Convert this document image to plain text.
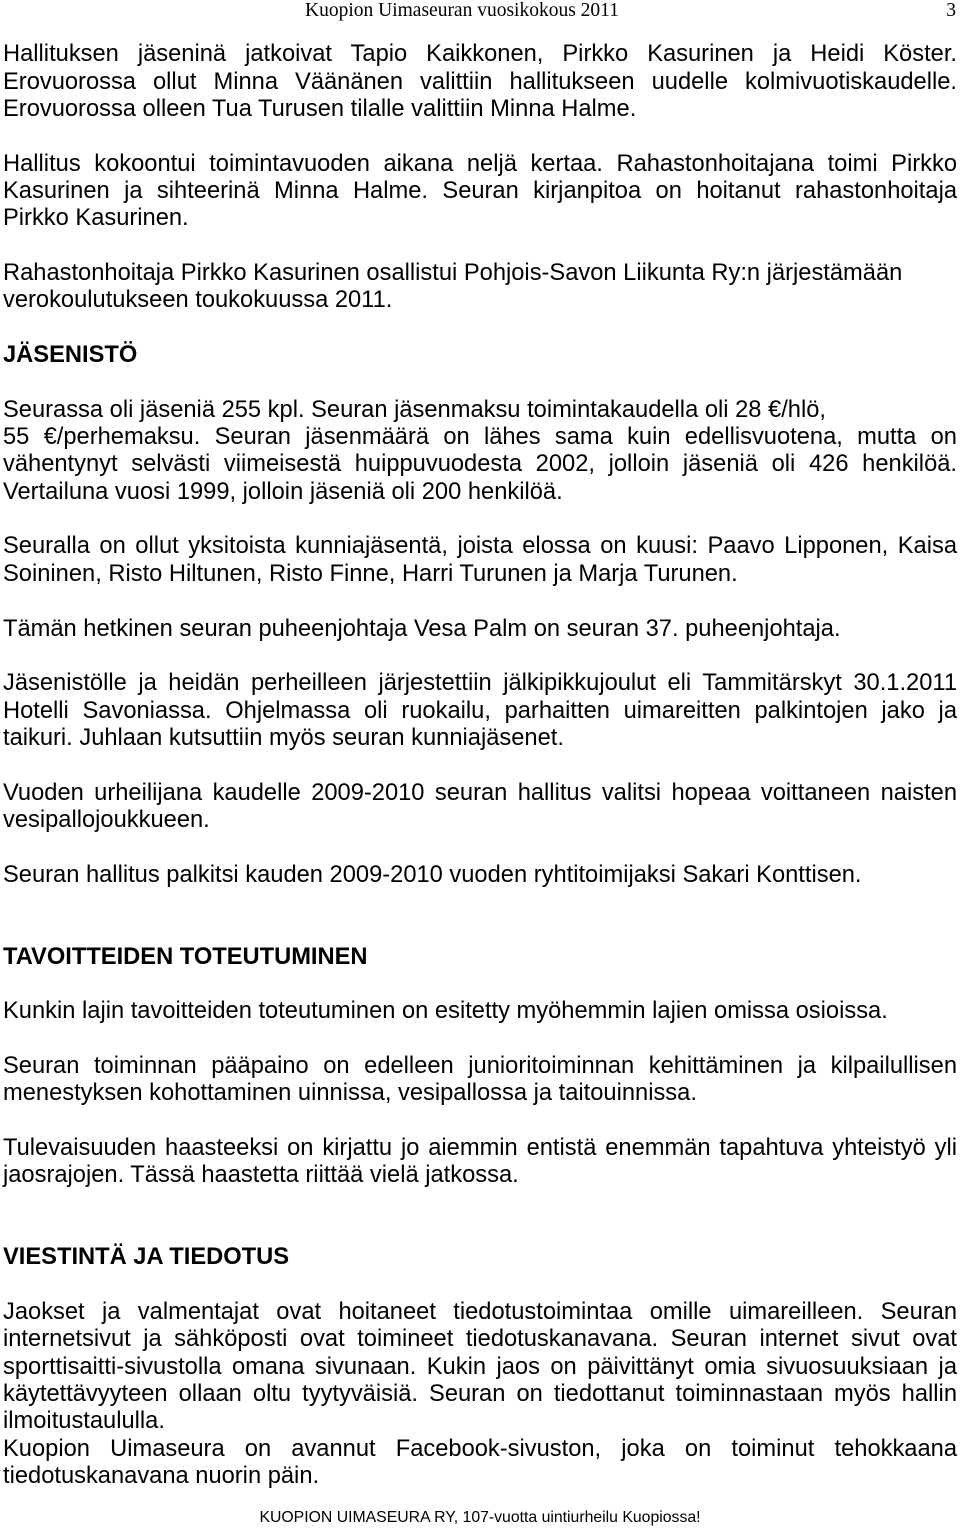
Kuopion Uimaseuran vuosikokous 2011	3
Hallituksen jäseninä jatkoivat Tapio Kaikkonen, Pirkko Kasurinen ja Heidi Köster.
Erovuorossa ollut Minna Väänänen valittiin hallitukseen uudelle kolmivuotiskaudelle.
Erovuorossa olleen Tua Turusen tilalle valittiin Minna Halme.
Hallitus kokoontui toimintavuoden aikana neljä kertaa. Rahastonhoitajana toimi Pirkko
Kasurinen ja sihteerinä Minna Halme. Seuran kirjanpitoa on hoitanut rahastonhoitaja
Pirkko Kasurinen.
Rahastonhoitaja Pirkko Kasurinen osallistui Pohjois-Savon Liikunta Ry:n järjestämään
verokoulutukseen toukokuussa 2011.
JÄSENISTÖ
Seurassa oli jäseniä 255 kpl. Seuran jäsenmaksu toimintakaudella oli 28 €/hlö,
55 €/perhemaksu. Seuran jäsenmäärä on lähes sama kuin edellisvuotena, mutta on
vähentynyt selvästi viimeisestä huippuvuodesta 2002, jolloin jäseniä oli 426 henkilöä.
Vertailuna vuosi 1999, jolloin jäseniä oli 200 henkilöä.
Seuralla on ollut yksitoista kunniajäsentä, joista elossa on kuusi: Paavo Lipponen, Kaisa
Soininen, Risto Hiltunen, Risto Finne, Harri Turunen ja Marja Turunen.
Tämän hetkinen seuran puheenjohtaja Vesa Palm on seuran 37. puheenjohtaja.
Jäsenistölle ja heidän perheilleen järjestettiin jälkipikkujoulut eli Tammitärskyt 30.1.2011
Hotelli Savoniassa. Ohjelmassa oli ruokailu, parhaitten uimareitten palkintojen jako ja
taikuri. Juhlaan kutsuttiin myös seuran kunniajäsenet.
Vuoden urheilijana kaudelle 2009-2010 seuran hallitus valitsi hopeaa voittaneen naisten
vesipallojoukkueen.
Seuran hallitus palkitsi kauden 2009-2010 vuoden ryhtitoimijaksi Sakari Konttisen.
TAVOITTEIDEN TOTEUTUMINEN
Kunkin lajin tavoitteiden toteutuminen on esitetty myöhemmin lajien omissa osioissa.
Seuran toiminnan pääpaino on edelleen junioritoiminnan kehittäminen ja kilpailullisen
menestyksen kohottaminen uinnissa, vesipallossa ja taitouinnissa.
Tulevaisuuden haasteeksi on kirjattu jo aiemmin entistä enemmän tapahtuva yhteistyö yli
jaosrajojen. Tässä haastetta riittää vielä jatkossa.
VIESTINTÄ JA TIEDOTUS
Jaokset ja valmentajat ovat hoitaneet tiedotustoimintaa omille uimareilleen. Seuran
internetsivut ja sähköposti ovat toimineet tiedotuskanavana. Seuran internet sivut ovat
sporttisaitti-sivustolla omana sivunaan. Kukin jaos on päivittänyt omia sivuosuuksiaan ja
käytettävyyteen ollaan oltu tyytyväisiä. Seuran on tiedottanut toiminnastaan myös hallin
ilmoitustaululla.
Kuopion Uimaseura on avannut Facebook-sivuston, joka on toiminut tehokkaana
tiedotuskanavana nuorin päin.
KUOPION UIMASEURA RY, 107-vuotta uintiurheilu Kuopiossa!
